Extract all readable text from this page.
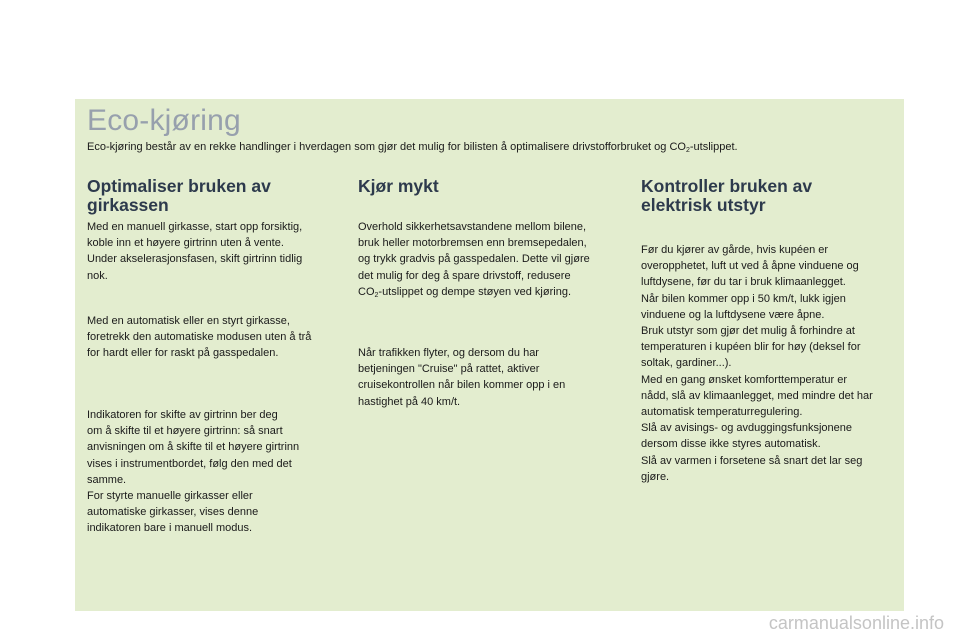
Eco-kjøring

Eco-kjøring består av en rekke handlinger i hverdagen som gjør det mulig for bilisten å optimalisere drivstofforbruket og $CO_2$-utslippet.

Optimaliser bruken av
girkassen

Med en manuell girkasse, start opp forsiktig,
koble inn et høyere girtrinn uten å vente.
Under akselerasjonsfasen, skift girtrinn tidlig
nok.

Med en automatisk eller en styrt girkasse,
foretrekk den automatiske modusen uten å trå
for hardt eller for raskt på gasspedalen.

Indikatoren for skifte av girtrinn ber deg
om å skifte til et høyere girtrinn: så snart
anvisningen om å skifte til et høyere girtrinn
vises i instrumentbordet, følg den med det
samme.
For styrte manuelle girkasser eller
automatiske girkasser, vises denne
indikatoren bare i manuell modus.

Kjør mykt

Overhold sikkerhetsavstandene mellom bilene,
bruk heller motorbremsen enn bremsepedalen,
og trykk gradvis på gasspedalen. Dette vil gjøre
det mulig for deg å spare drivstoff, redusere
$CO_2$-utslippet og dempe støyen ved kjøring.

Når trafikken flyter, og dersom du har
betjeningen "Cruise" på rattet, aktiver
cruisekontrollen når bilen kommer opp i en
hastighet på 40 km/t.

Kontroller bruken av
elektrisk utstyr

Før du kjører av gårde, hvis kupéen er
overopphetet, luft ut ved å åpne vinduene og
luftdysene, før du tar i bruk klimaanlegget.
Når bilen kommer opp i 50 km/t, lukk igjen
vinduene og la luftdysene være åpne.
Bruk utstyr som gjør det mulig å forhindre at
temperaturen i kupéen blir for høy (deksel for
soltak, gardiner...).
Med en gang ønsket komforttemperatur er
nådd, slå av klimaanlegget, med mindre det har
automatisk temperaturregulering.
Slå av avisings- og avduggingsfunksjonene
dersom disse ikke styres automatisk.
Slå av varmen i forsetene så snart det lar seg
gjøre.

carmanualsonline.info
